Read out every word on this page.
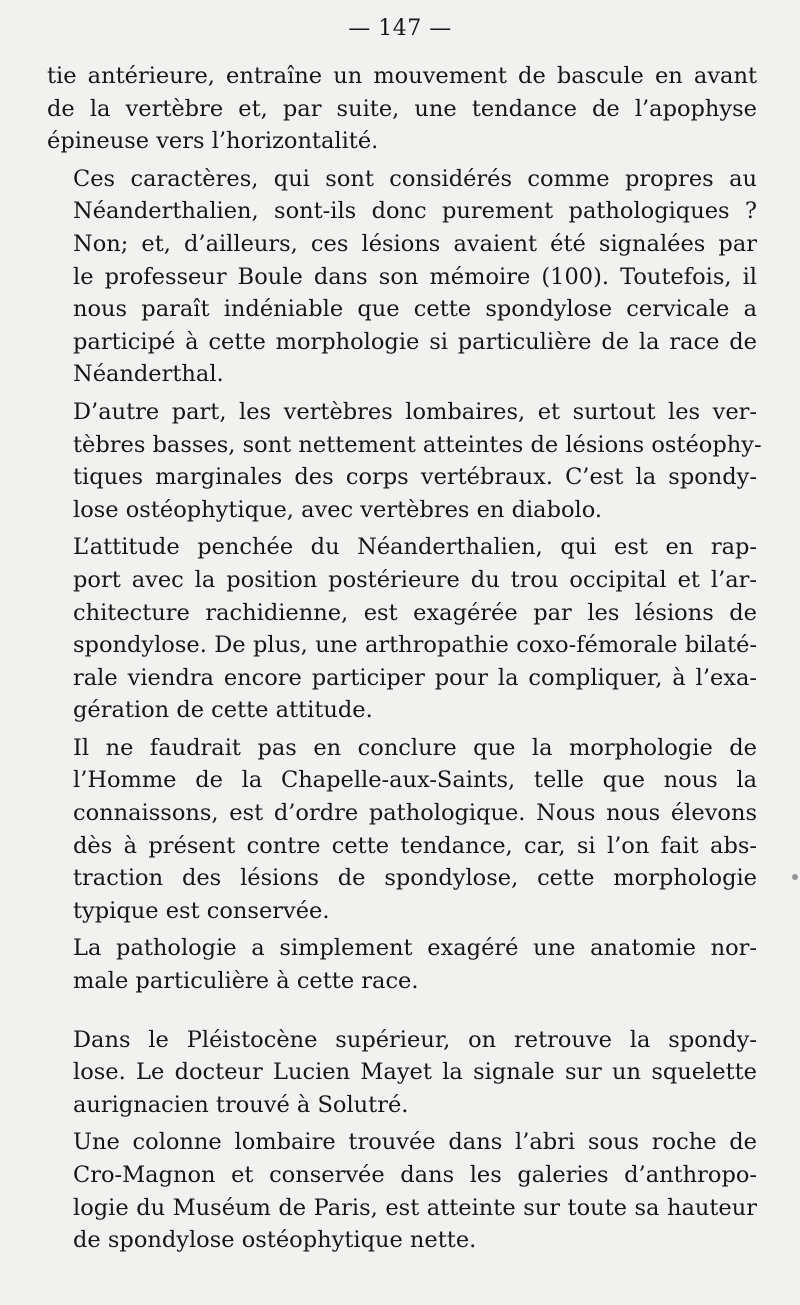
— 147 —
tie antérieure, entraîne un mouvement de bascule en avant
de la vertèbre et, par suite, une tendance de l’apophyse
épineuse vers l’horizontalité.
Ces caractères, qui sont considérés comme propres au
Néanderthalien, sont-ils donc purement pathologiques ?
Non; et, d’ailleurs, ces lésions avaient été signalées par
le professeur Boule dans son mémoire (100). Toutefois, il
nous paraît indéniable que cette spondylose cervicale a
participé à cette morphologie si particulière de la race de
Néanderthal.
D’autre part, les vertèbres lombaires, et surtout les ver-
tèbres basses, sont nettement atteintes de lésions ostéophy-
tiques marginales des corps vertébraux. C’est la spondy-
lose ostéophytique, avec vertèbres en diabolo.
L’attitude penchée du Néanderthalien, qui est en rap-
port avec la position postérieure du trou occipital et l’ar-
chitecture rachidienne, est exagérée par les lésions de
spondylose. De plus, une arthropathie coxo-fémorale bilaté-
rale viendra encore participer pour la compliquer, à l’exa-
gération de cette attitude.
Il ne faudrait pas en conclure que la morphologie de
l’Homme de la Chapelle-aux-Saints, telle que nous la
connaissons, est d’ordre pathologique. Nous nous élevons
dès à présent contre cette tendance, car, si l’on fait abs-
traction des lésions de spondylose, cette morphologie
typique est conservée.
La pathologie a simplement exagéré une anatomie nor-
male particulière à cette race.
Dans le Pléistocène supérieur, on retrouve la spondy-
lose. Le docteur Lucien Mayet la signale sur un squelette
aurignacien trouvé à Solutré.
Une colonne lombaire trouvée dans l’abri sous roche de
Cro-Magnon et conservée dans les galeries d’anthropo-
logie du Muséum de Paris, est atteinte sur toute sa hauteur
de spondylose ostéophytique nette.
